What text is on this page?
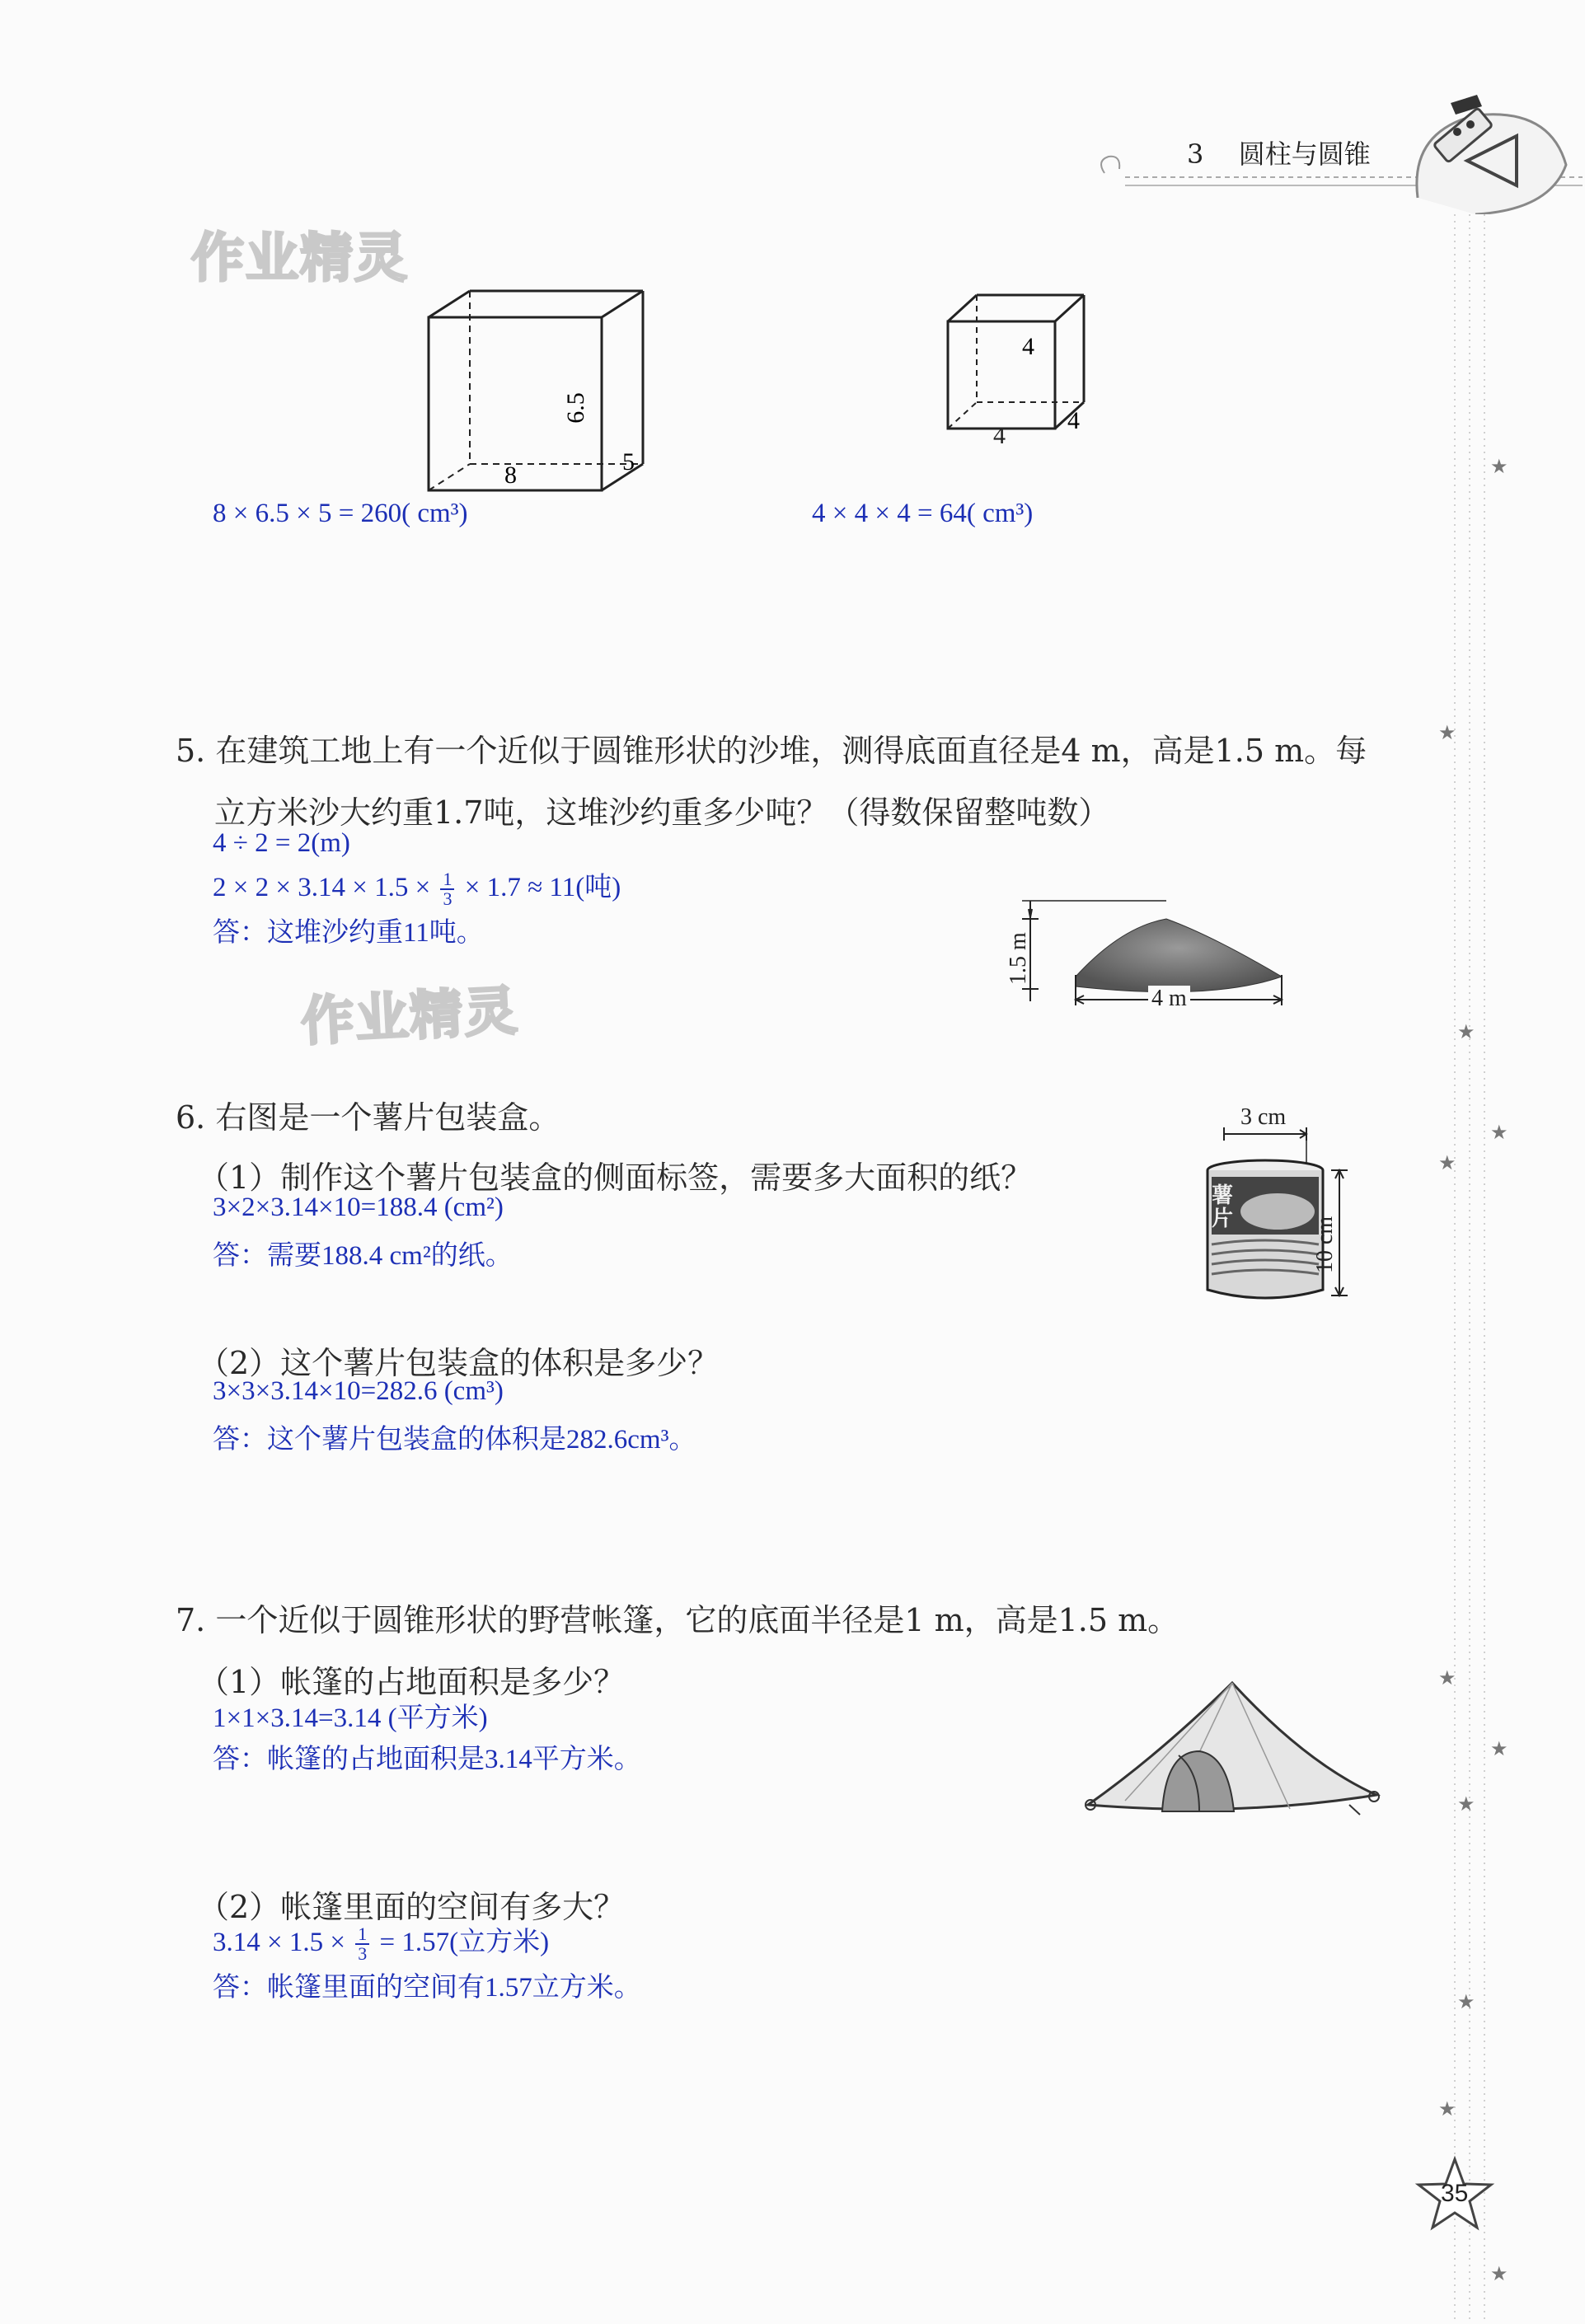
3 圆柱与圆锥
作业精灵
作业精灵
6.5
5
8
4
4
4
8 × 6.5 × 5 = 260( cm³)	4 × 4 × 4 = 64( cm³)
5. 在建筑工地上有一个近似于圆锥形状的沙堆，测得底面直径是4 m，高是1.5 m。每
立方米沙大约重1.7吨，这堆沙约重多少吨？（得数保留整吨数）
4 ÷ 2 = 2(m)
$2 \times 2 \times 3.14 \times 1.5 \times \frac{1}{3} \times 1.7 \approx 11$(吨)
答：这堆沙约重11吨。	1.5 m
4 m
6. 右图是一个薯片包装盒。
（1）制作这个薯片包装盒的侧面标签，需要多大面积的纸？
3×2×3.14×10=188.4 (cm²)
答：需要188.4 cm²的纸。
薯片
3 cm
10 cm
（2）这个薯片包装盒的体积是多少？
3×3×3.14×10=282.6 (cm³)
答：这个薯片包装盒的体积是282.6cm³。
7. 一个近似于圆锥形状的野营帐篷，它的底面半径是1 m，高是1.5 m。
（1）帐篷的占地面积是多少？
1×1×3.14=3.14 (平方米)
答：帐篷的占地面积是3.14平方米。
（2）帐篷里面的空间有多大？
$3.14 \times 1.5 \times \frac{1}{3} = 1.57$(立方米)
答：帐篷里面的空间有1.57立方米。
★
★
★
★
★
★
★
★
★
★
★
35
